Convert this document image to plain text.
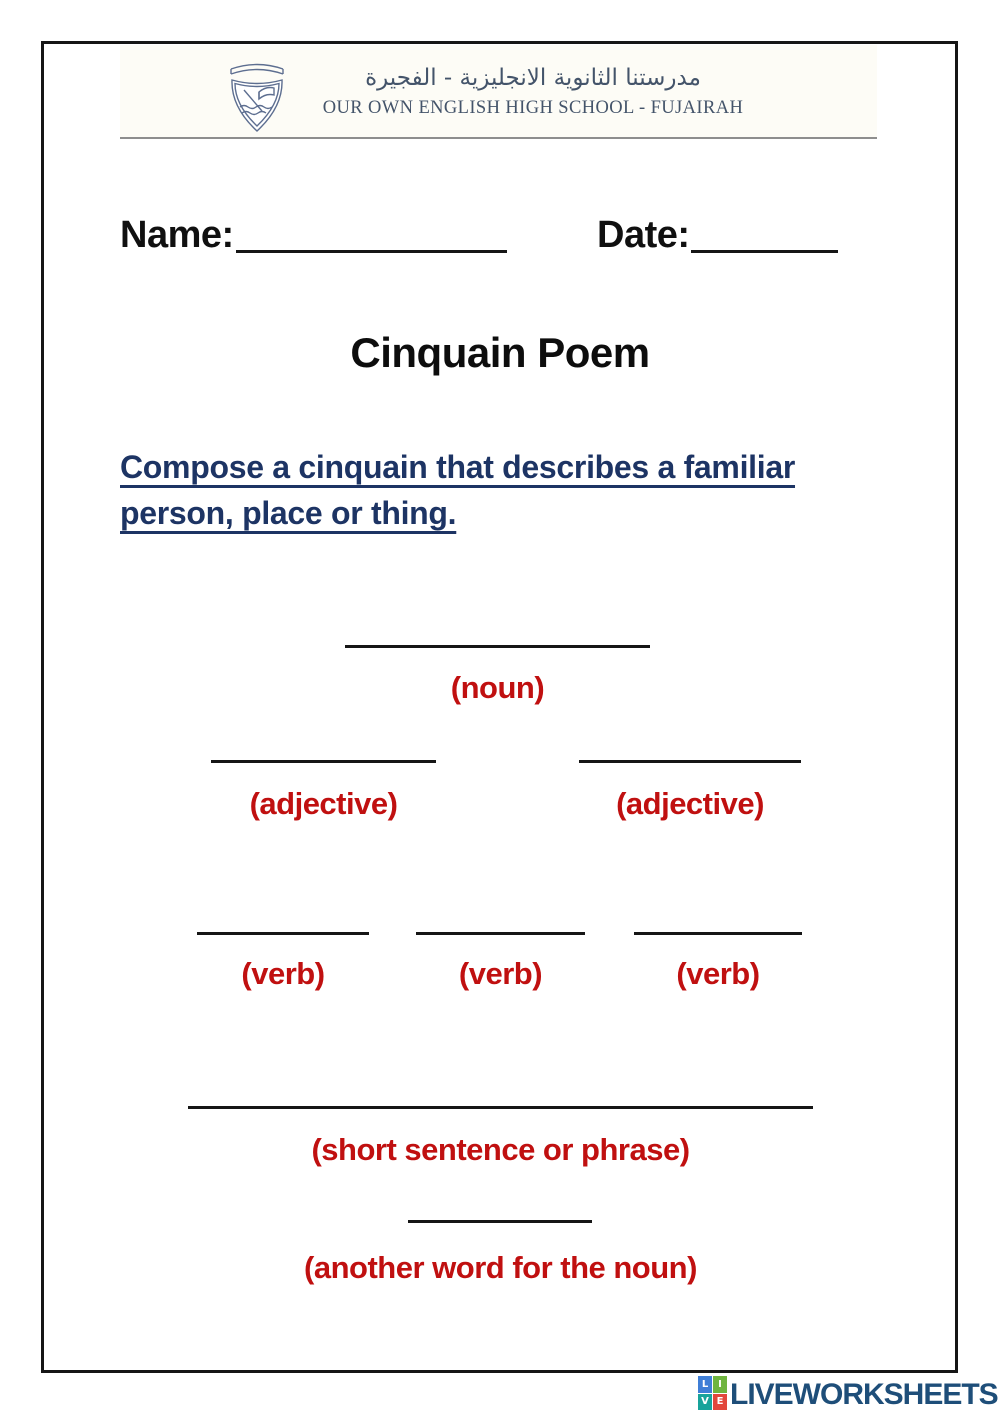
مدرستنا الثانوية الانجليزية - الفجيرة
OUR OWN ENGLISH HIGH SCHOOL - FUJAIRAH
Name:	Date:
Cinquain Poem
Compose a cinquain that describes a familiar
person, place or thing.
(noun)
(adjective)	(adjective)
(verb)	(verb)	(verb)
(short sentence or phrase)
(another word for the noun)
L I
V E LIVEWORKSHEETS
